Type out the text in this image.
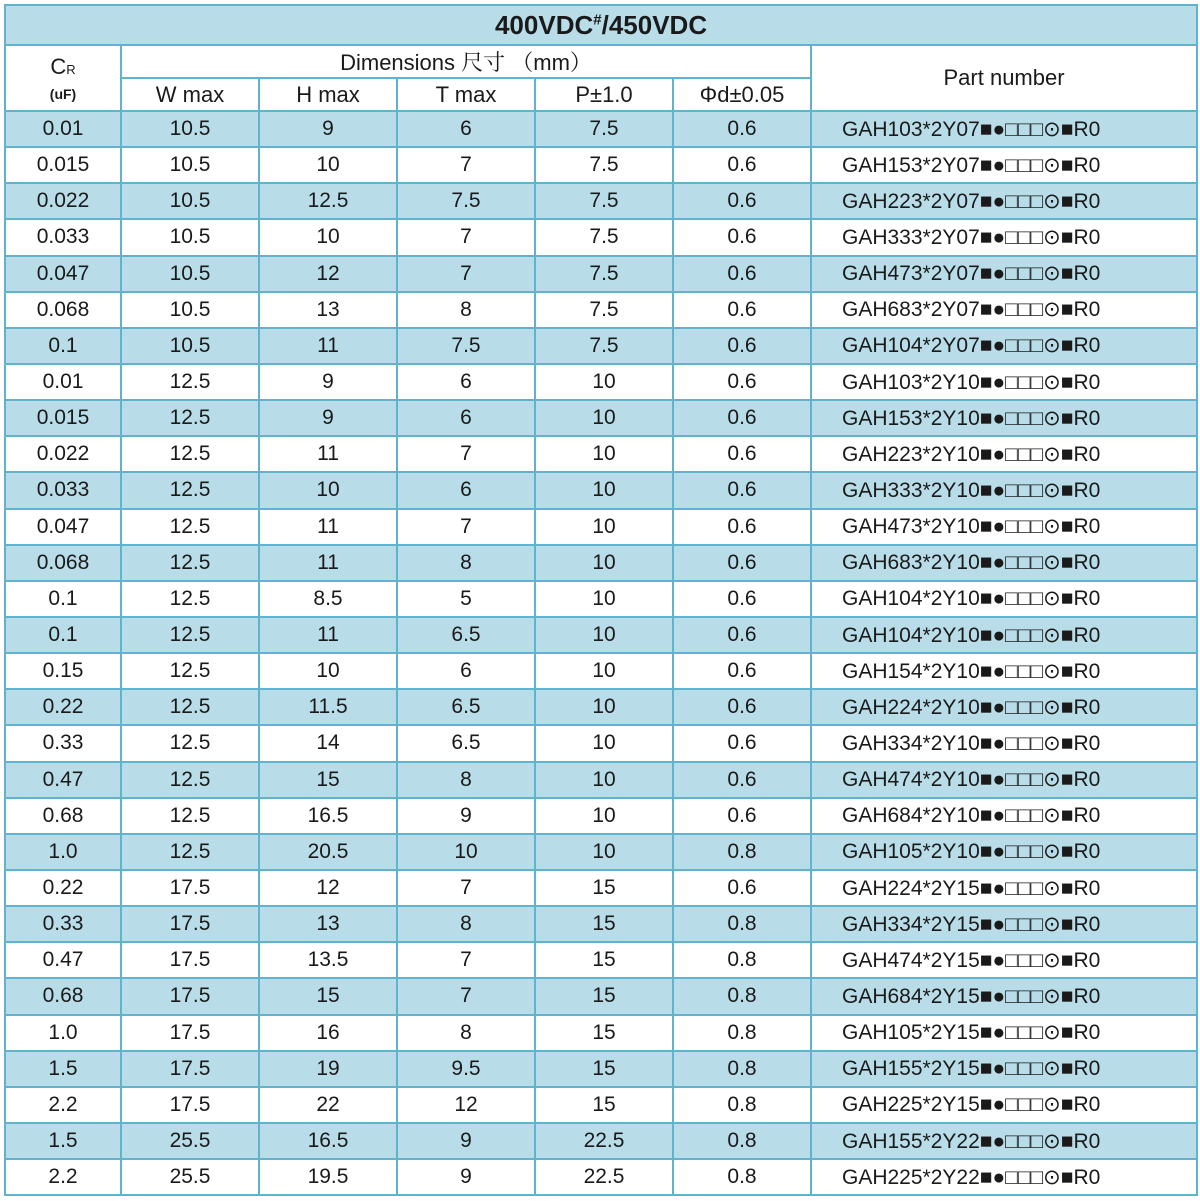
400VDC#/450VDC						
CR
(uF)	Dimensions 尺寸 （mm）					Part number
	W max	H max	T max	P±1.0	Φd±0.05	
0.01	10.5	9	6	7.5	0.6	GAH103*2Y07■●□□□⊙■R0
0.015	10.5	10	7	7.5	0.6	GAH153*2Y07■●□□□⊙■R0
0.022	10.5	12.5	7.5	7.5	0.6	GAH223*2Y07■●□□□⊙■R0
0.033	10.5	10	7	7.5	0.6	GAH333*2Y07■●□□□⊙■R0
0.047	10.5	12	7	7.5	0.6	GAH473*2Y07■●□□□⊙■R0
0.068	10.5	13	8	7.5	0.6	GAH683*2Y07■●□□□⊙■R0
0.1	10.5	11	7.5	7.5	0.6	GAH104*2Y07■●□□□⊙■R0
0.01	12.5	9	6	10	0.6	GAH103*2Y10■●□□□⊙■R0
0.015	12.5	9	6	10	0.6	GAH153*2Y10■●□□□⊙■R0
0.022	12.5	11	7	10	0.6	GAH223*2Y10■●□□□⊙■R0
0.033	12.5	10	6	10	0.6	GAH333*2Y10■●□□□⊙■R0
0.047	12.5	11	7	10	0.6	GAH473*2Y10■●□□□⊙■R0
0.068	12.5	11	8	10	0.6	GAH683*2Y10■●□□□⊙■R0
0.1	12.5	8.5	5	10	0.6	GAH104*2Y10■●□□□⊙■R0
0.1	12.5	11	6.5	10	0.6	GAH104*2Y10■●□□□⊙■R0
0.15	12.5	10	6	10	0.6	GAH154*2Y10■●□□□⊙■R0
0.22	12.5	11.5	6.5	10	0.6	GAH224*2Y10■●□□□⊙■R0
0.33	12.5	14	6.5	10	0.6	GAH334*2Y10■●□□□⊙■R0
0.47	12.5	15	8	10	0.6	GAH474*2Y10■●□□□⊙■R0
0.68	12.5	16.5	9	10	0.6	GAH684*2Y10■●□□□⊙■R0
1.0	12.5	20.5	10	10	0.8	GAH105*2Y10■●□□□⊙■R0
0.22	17.5	12	7	15	0.6	GAH224*2Y15■●□□□⊙■R0
0.33	17.5	13	8	15	0.8	GAH334*2Y15■●□□□⊙■R0
0.47	17.5	13.5	7	15	0.8	GAH474*2Y15■●□□□⊙■R0
0.68	17.5	15	7	15	0.8	GAH684*2Y15■●□□□⊙■R0
1.0	17.5	16	8	15	0.8	GAH105*2Y15■●□□□⊙■R0
1.5	17.5	19	9.5	15	0.8	GAH155*2Y15■●□□□⊙■R0
2.2	17.5	22	12	15	0.8	GAH225*2Y15■●□□□⊙■R0
1.5	25.5	16.5	9	22.5	0.8	GAH155*2Y22■●□□□⊙■R0
2.2	25.5	19.5	9	22.5	0.8	GAH225*2Y22■●□□□⊙■R0
